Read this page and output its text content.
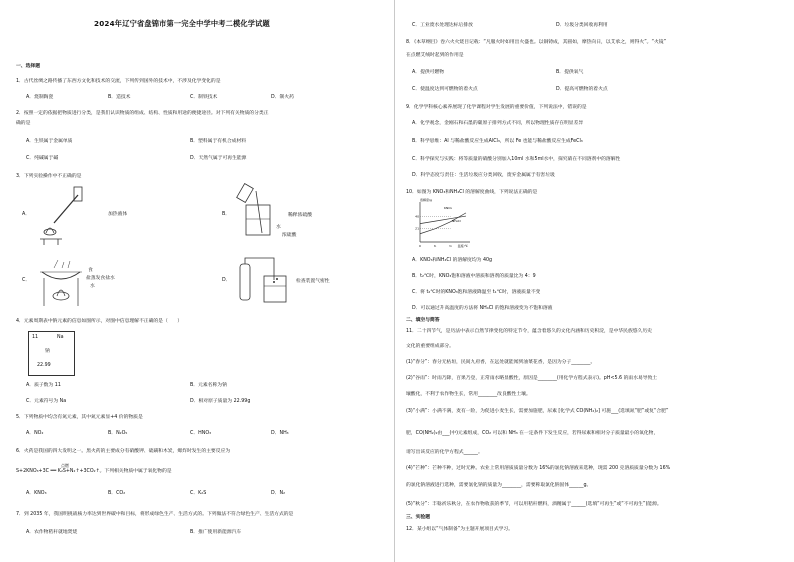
2024年辽宁省盘锦市第一完全中学中考二模化学试题
一、选择题
1．古代丝绸之路传播了东西方文化和技术的交流，下列传到国外的技术中，不涉及化学变化的是
A．烧制陶瓷	B．造技术	C．制铁技术	D．制火药
2．按照一定的依据把物质进行分类，是我们认识物质的组成、结构、性质和用途的便捷途径。对下列有关物质的分类正
确的是
A．生铁属于金属单质	B．塑料属于有机合成材料
C．纯碱属于碱	D．天然气属于可再生能源
3．下列实验操作中不正确的是
A．	加热液体	B．	稀释浓硫酸
水
浓硫酸
C．
食
盐蒸发食盐水
水
D．	检查装置气密性
4．元素周期表中钠元素的信息如图所示，对图中信息理解不正确的是（　　）
11	Na
钠
22.99
A．质子数为 11	B．元素名称为钠
C．元素符号为 Na	D．相对原子质量为 22.99g
5．下列物质中均含有氮元素，其中氮元素显+4 价的物质是
A．NO₂	B．N₂O₅	C．HNO₃	D．NH₃
6．火药是我国的四大发明之一。黑火药的主要成分有硝酸钾、硫磺和木炭，爆炸时发生的主要反应为
点燃
S+2KNO₃+3C ══ K₂S+N₂↑+3CO₂↑。下列相关物质中属于氧化物的是
A．KNO₃	B．CO₂	C．K₂S	D．N₂
7．到 2035 年，我国明挑战核力率达到世界碳中和目标，将形成绿色生产、生活方式的。下列做法不符合绿色生产、生活方式的是
A．农作物秸秆就地焚烧	B．推广使用新能源汽车
C．工业废水处理达标后排放	D．垃圾分类回收再利用
8．《本草纲目》卷六火火烧目记载：“凡服火时如用出火盛也。以铜铸成，其圆如，摩热向日，以艾承之，则得火”。“火镜”
在点燃艾绒时起到的作用是
A．提供可燃物	B．提供氧气
C．使温度达到可燃物的着火点	D．提高可燃物的着火点
9．化学学科核心素养展现了化学课程对学生发展的重要价值，下列说法中，错误的是
A．化学观念，金刚石和石墨的碳原子排列方式不同，所以物理性质存在明显差异
B．科学思维：Al 与稀盐酸反应生成AlCl₃，所以 Fe 也能与稀盐酸反应生成FeCl₃
C．科学探究与实践：将等质量的硝酸分别加入10ml 水和5ml水中，探究硝在不同溶剂中的溶解性
D．科学态度与责任：生活垃圾应分类回收，废弃金属属于有害垃圾
10．如图为 KNO₃和NH₄Cl 的溶解度曲线，下列说法正确的是
溶解度/g
温度/℃
KNO₃
NH₄Cl
0	t₁	t₂
40
21
A．KNO₃和NH₄Cl 的溶解度均为 40g
B．t₂℃时，KNO₃饱和溶液中溶质和溶剂的质量比为 4：9
C．将 t₂℃时的KNO₃饱和溶液降温至 t₁℃时，溶液质量不变
D．可以通过升高温度的方法将 NH₄Cl 的饱和溶液变为不饱和溶液
二、填空与简答
11．二十四节气，是历法中表示自然节律变化的特定节令，蕴含着悠久的文化内涵和历史积淀，是中华民族悠久历史
文化的重要组成部分。
(1)“春分”：春分无枯垣，民间九府香，在远处就能闻到油菜花香，是因为分子________。
(2)“谷雨”：时雨乃降，百果乃登，正常雨水略显酸性，原因是________(用化学方程式表示)。pH<5.6 的雨水易导致土
壤酸化，不利于农作物生长，常用________改良酸性土壤。
(3)“小满”：小满不满，麦有一险，为促进小麦生长，需要加施肥，尿素 [化学式 CO(NH₂)₂] 可施___(选填氮“肥”或复“合肥”
肥，CO(NH₂)₂由___(中)元素组成，CO₂ 可以和 NH₃ 在一定条件下发生反应，若得尿素和相对分子质量最小的氧化物，
请写出该反应的化学方程式______。
(4)“芒种”：芒种不种，过时无种。农业上常用溶质质量分数为 16%的氯化钠溶液来选种，现需 200 克溶质质量分数为 16%
的氯化钠溶液进行选种，需要氯化钠的质量为________，需要称取氯化钠固体______g。
(5)“秋分”：丰稔祈乐秋分，在农作物收获的季节，可以用秸秆燃料，酒精属于______(选填“可再生”或“不可再生”)能源。
三、实验题
12．某小组以“气体制备”为主题开展项目式学习。
